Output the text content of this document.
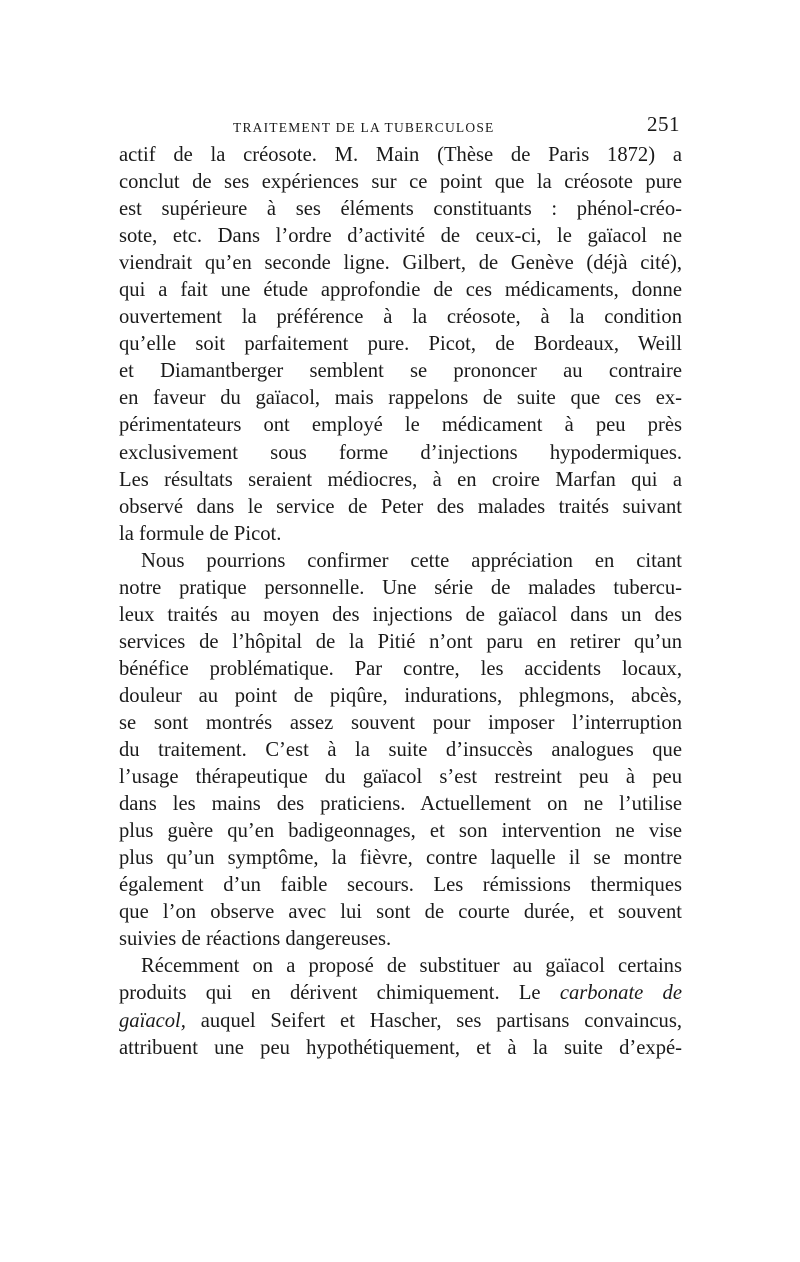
TRAITEMENT DE LA TUBERCULOSE	251
actif de la créosote. M. Main (Thèse de Paris 1872) a
conclut de ses expériences sur ce point que la créosote pure
est supérieure à ses éléments constituants : phénol-créo-
sote, etc. Dans l’ordre d’activité de ceux-ci, le gaïacol ne
viendrait qu’en seconde ligne. Gilbert, de Genève (déjà cité),
qui a fait une étude approfondie de ces médicaments, donne
ouvertement la préférence à la créosote, à la condition
qu’elle soit parfaitement pure. Picot, de Bordeaux, Weill
et Diamantberger semblent se prononcer au contraire
en faveur du gaïacol, mais rappelons de suite que ces ex-
périmentateurs ont employé le médicament à peu près
exclusivement sous forme d’injections hypodermiques.
Les résultats seraient médiocres, à en croire Marfan qui a
observé dans le service de Peter des malades traités suivant
la formule de Picot.
Nous pourrions confirmer cette appréciation en citant
notre pratique personnelle. Une série de malades tubercu-
leux traités au moyen des injections de gaïacol dans un des
services de l’hôpital de la Pitié n’ont paru en retirer qu’un
bénéfice problématique. Par contre, les accidents locaux,
douleur au point de piqûre, indurations, phlegmons, abcès,
se sont montrés assez souvent pour imposer l’interruption
du traitement. C’est à la suite d’insuccès analogues que
l’usage thérapeutique du gaïacol s’est restreint peu à peu
dans les mains des praticiens. Actuellement on ne l’utilise
plus guère qu’en badigeonnages, et son intervention ne vise
plus qu’un symptôme, la fièvre, contre laquelle il se montre
également d’un faible secours. Les rémissions thermiques
que l’on observe avec lui sont de courte durée, et souvent
suivies de réactions dangereuses.
Récemment on a proposé de substituer au gaïacol certains
produits qui en dérivent chimiquement. Le carbonate de
gaïacol, auquel Seifert et Hascher, ses partisans convaincus,
attribuent une peu hypothétiquement, et à la suite d’expé-
